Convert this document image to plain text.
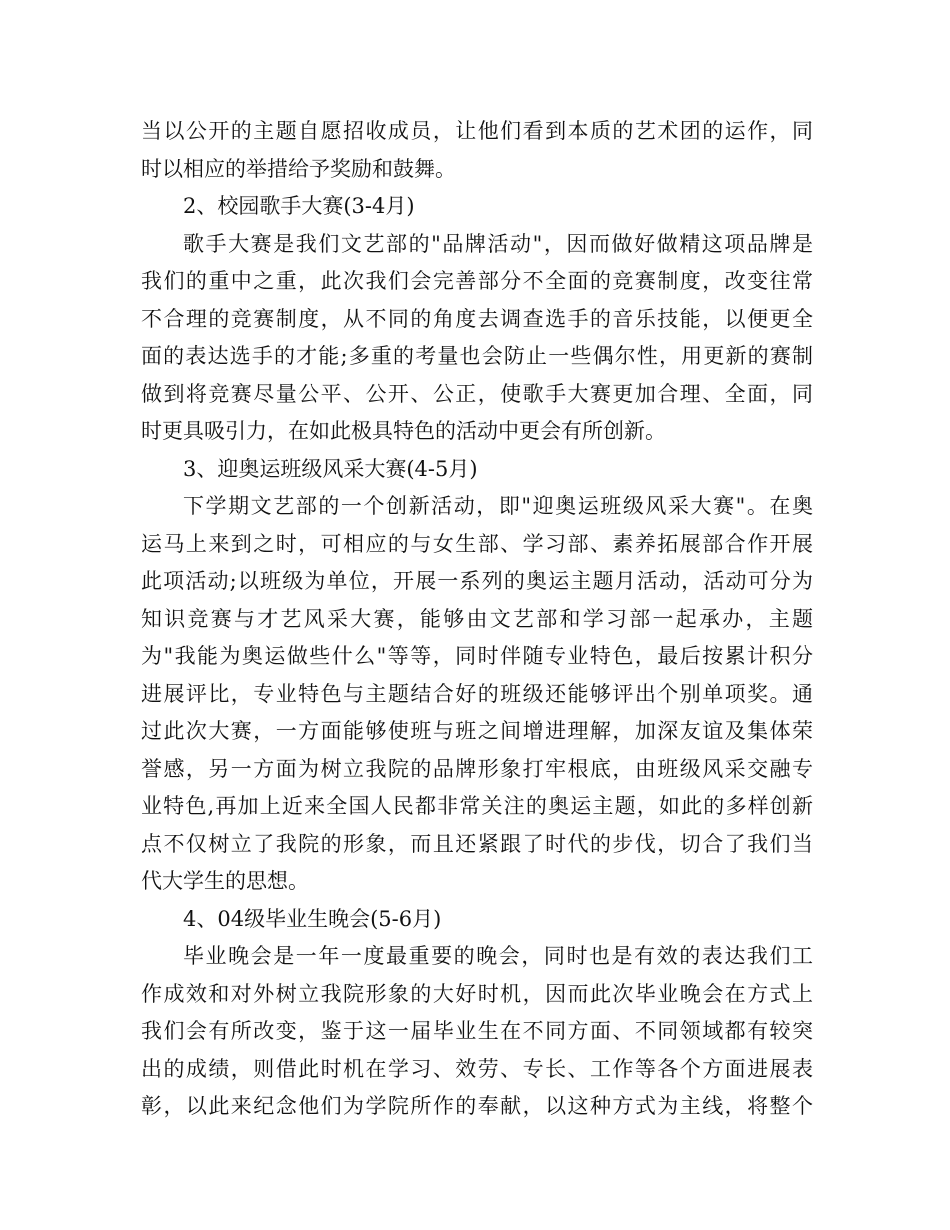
当以公开的主题自愿招收成员，让他们看到本质的艺术团的运作，同
时以相应的举措给予奖励和鼓舞。
2、校园歌手大赛(3-4月)
歌手大赛是我们文艺部的"品牌活动"，因而做好做精这项品牌是
我们的重中之重，此次我们会完善部分不全面的竞赛制度，改变往常
不合理的竞赛制度，从不同的角度去调查选手的音乐技能，以便更全
面的表达选手的才能;多重的考量也会防止一些偶尔性，用更新的赛制
做到将竞赛尽量公平、公开、公正，使歌手大赛更加合理、全面，同
时更具吸引力，在如此极具特色的活动中更会有所创新。
3、迎奥运班级风采大赛(4-5月)
下学期文艺部的一个创新活动，即"迎奥运班级风采大赛"。在奥
运马上来到之时，可相应的与女生部、学习部、素养拓展部合作开展
此项活动;以班级为单位，开展一系列的奥运主题月活动，活动可分为
知识竞赛与才艺风采大赛，能够由文艺部和学习部一起承办，主题
为"我能为奥运做些什么"等等，同时伴随专业特色，最后按累计积分
进展评比，专业特色与主题结合好的班级还能够评出个别单项奖。通
过此次大赛，一方面能够使班与班之间增进理解，加深友谊及集体荣
誉感，另一方面为树立我院的品牌形象打牢根底，由班级风采交融专
业特色,再加上近来全国人民都非常关注的奥运主题，如此的多样创新
点不仅树立了我院的形象，而且还紧跟了时代的步伐，切合了我们当
代大学生的思想。
4、04级毕业生晚会(5-6月)
毕业晚会是一年一度最重要的晚会，同时也是有效的表达我们工
作成效和对外树立我院形象的大好时机，因而此次毕业晚会在方式上
我们会有所改变，鉴于这一届毕业生在不同方面、不同领域都有较突
出的成绩，则借此时机在学习、效劳、专长、工作等各个方面进展表
彰，以此来纪念他们为学院所作的奉献，以这种方式为主线，将整个
